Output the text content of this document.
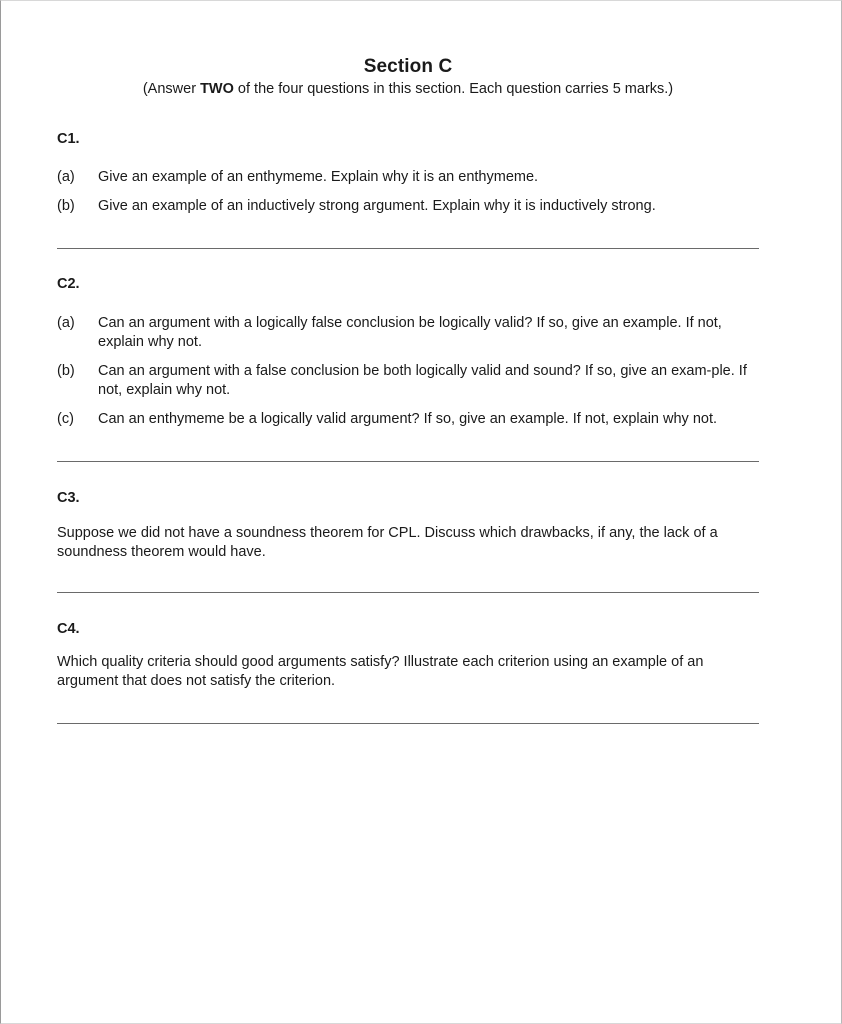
Section C
(Answer TWO of the four questions in this section. Each question carries 5 marks.)
C1.
(a) Give an example of an enthymeme. Explain why it is an enthymeme.
(b) Give an example of an inductively strong argument. Explain why it is inductively strong.
C2.
(a) Can an argument with a logically false conclusion be logically valid? If so, give an example. If not, explain why not.
(b) Can an argument with a false conclusion be both logically valid and sound? If so, give an exam-ple. If not, explain why not.
(c) Can an enthymeme be a logically valid argument? If so, give an example. If not, explain why not.
C3.
Suppose we did not have a soundness theorem for CPL. Discuss which drawbacks, if any, the lack of a soundness theorem would have.
C4.
Which quality criteria should good arguments satisfy? Illustrate each criterion using an example of an argument that does not satisfy the criterion.
